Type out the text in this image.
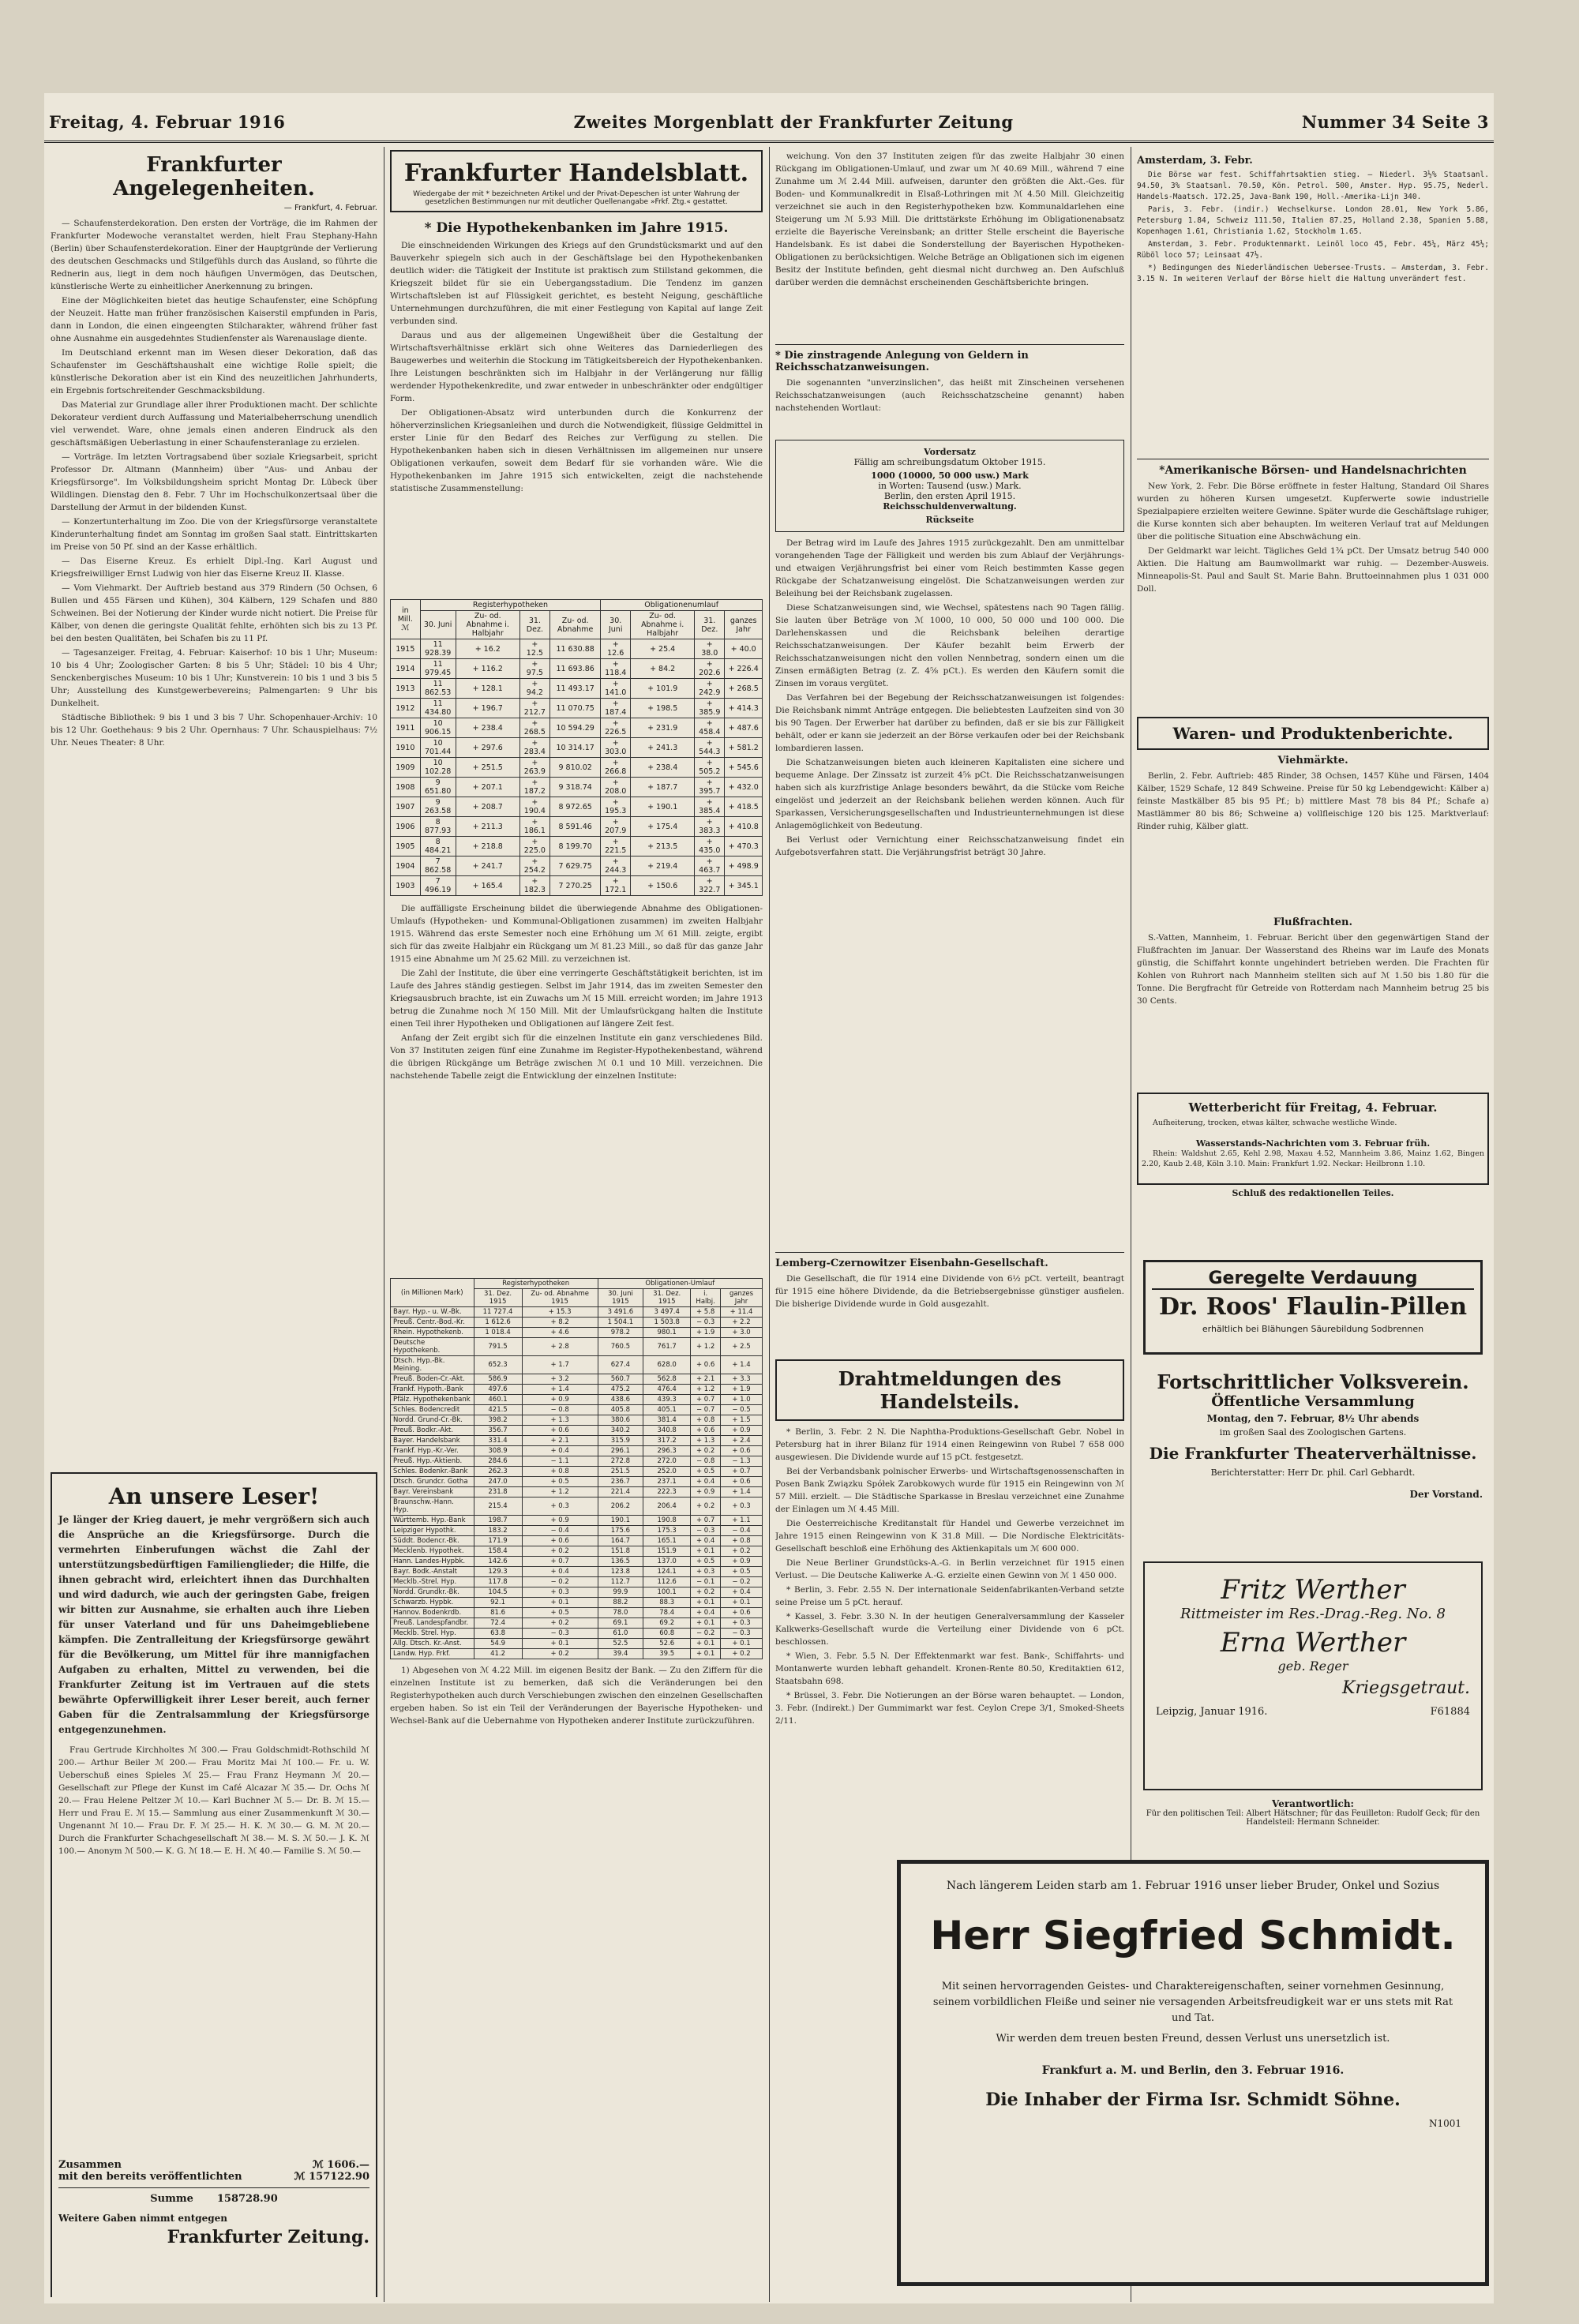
Freitag, 4. Februar 1916	Zweites Morgenblatt der Frankfurter Zeitung	Nummer 34 Seite 3
Frankfurter Angelegenheiten.
— Frankfurt, 4. Februar.

— Schaufensterdekoration. Den ersten der Vorträge, die im Rahmen der Frankfurter Modewoche veranstaltet werden, hielt Frau Stephany-Hahn (Berlin) über Schaufensterdekoration. Einer der Hauptgründe der Verlierung des deutschen Geschmacks und Stilgefühls durch das Ausland, so führte die Rednerin aus, liegt in dem noch häufigen Unvermögen, das Deutschen, künstlerische Werte zu einheitlicher Anerkennung zu bringen.

Eine der Möglichkeiten bietet das heutige Schaufenster, eine Schöpfung der Neuzeit. Hatte man früher französischen Kaiserstil empfunden in Paris, dann in London, die einen eingeengten Stilcharakter, während früher fast ohne Ausnahme ein ausgedehntes Studienfenster als Warenauslage diente.

Im Deutschland erkennt man im Wesen dieser Dekoration, daß das Schaufenster im Geschäftshaushalt eine wichtige Rolle spielt; die künstlerische Dekoration aber ist ein Kind des neuzeitlichen Jahrhunderts, ein Ergebnis fortschreitender Geschmacksbildung.

Das Material zur Grundlage aller ihrer Produktionen macht. Der schlichte Dekorateur verdient durch Auffassung und Materialbeherrschung unendlich viel verwendet. Ware, ohne jemals einen anderen Eindruck als den geschäftsmäßigen Ueberlastung in einer Schaufensteranlage zu erzielen.

— Vorträge. Im letzten Vortragsabend über soziale Kriegsarbeit, spricht Professor Dr. Altmann (Mannheim) über "Aus- und Anbau der Kriegsfürsorge". Im Volksbildungsheim spricht Montag Dr. Lübeck über Wildlingen. Dienstag den 8. Febr. 7 Uhr im Hochschulkonzertsaal über die Darstellung der Armut in der bildenden Kunst.

— Konzertunterhaltung im Zoo. Die von der Kriegsfürsorge veranstaltete Kinderunterhaltung findet am Sonntag im großen Saal statt. Eintrittskarten im Preise von 50 Pf. sind an der Kasse erhältlich.

— Das Eiserne Kreuz. Es erhielt Dipl.-Ing. Karl August und Kriegsfreiwilliger Ernst Ludwig von hier das Eiserne Kreuz II. Klasse.

— Vom Viehmarkt. Der Auftrieb bestand aus 379 Rindern (50 Ochsen, 6 Bullen und 455 Färsen und Kühen), 304 Kälbern, 129 Schafen und 880 Schweinen. Bei der Notierung der Kinder wurde nicht notiert. Die Preise für Kälber, von denen die geringste Qualität fehlte, erhöhten sich bis zu 13 Pf. bei den besten Qualitäten, bei Schafen bis zu 11 Pf.

— Tagesanzeiger. Freitag, 4. Februar: Kaiserhof: 10 bis 1 Uhr; Museum: 10 bis 4 Uhr; Zoologischer Garten: 8 bis 5 Uhr; Städel: 10 bis 4 Uhr; Senckenbergisches Museum: 10 bis 1 Uhr; Kunstverein: 10 bis 1 und 3 bis 5 Uhr; Ausstellung des Kunstgewerbevereins; Palmengarten: 9 Uhr bis Dunkelheit.

Städtische Bibliothek: 9 bis 1 und 3 bis 7 Uhr. Schopenhauer-Archiv: 10 bis 12 Uhr. Goethehaus: 9 bis 2 Uhr. Opernhaus: 7 Uhr. Schauspielhaus: 7½ Uhr. Neues Theater: 8 Uhr.

An unsere Leser!
Je länger der Krieg dauert, je mehr vergrößern sich auch die Ansprüche an die Kriegsfürsorge. Durch die vermehrten Einberufungen wächst die Zahl der unterstützungsbedürftigen Familienglieder; die Hilfe, die ihnen gebracht wird, erleichtert ihnen das Durchhalten und wird dadurch, wie auch der geringsten Gabe, freigen wir bitten zur Ausnahme, sie erhalten auch ihre Lieben für unser Vaterland und für uns Daheimgebliebene kämpfen. Die Zentralleitung der Kriegsfürsorge gewährt für die Bevölkerung, um Mittel für ihre mannigfachen Aufgaben zu erhalten, Mittel zu verwenden, bei die Frankfurter Zeitung ist im Vertrauen auf die stets bewährte Opferwilligkeit ihrer Leser bereit, auch ferner Gaben für die Zentralsammlung der Kriegsfürsorge entgegenzunehmen.

Frau Gertrude Kirchholtes ℳ 300.— Frau Goldschmidt-Rothschild ℳ 200.— Arthur Beiler ℳ 200.— Frau Moritz Mai ℳ 100.— Fr. u. W. Ueberschuß eines Spieles ℳ 25.— Frau Franz Heymann ℳ 20.— Gesellschaft zur Pflege der Kunst im Café Alcazar ℳ 35.— Dr. Ochs ℳ 20.— Frau Helene Peltzer ℳ 10.— Karl Buchner ℳ 5.— Dr. B. ℳ 15.— Herr und Frau E. ℳ 15.— Sammlung aus einer Zusammenkunft ℳ 30.— Ungenannt ℳ 10.— Frau Dr. F. ℳ 25.— H. K. ℳ 30.— G. M. ℳ 20.— Durch die Frankfurter Schachgesellschaft ℳ 38.— M. S. ℳ 50.— J. K. ℳ 100.— Anonym ℳ 500.— K. G. ℳ 18.— E. H. ℳ 40.— Familie S. ℳ 50.—

Zusammen	ℳ 1606.—
mit den bereits veröffentlichten	ℳ 157122.90
Summe 158728.90
Weitere Gaben nimmt entgegen
Frankfurter Zeitung.
Frankfurter Handelsblatt.
Wiedergabe der mit * bezeichneten Artikel und der Privat-Depeschen ist unter Wahrung der gesetzlichen Bestimmungen nur mit deutlicher Quellenangabe »Frkf. Ztg.« gestattet.
* Die Hypothekenbanken im Jahre 1915.

Die einschneidenden Wirkungen des Kriegs auf den Grundstücksmarkt und auf den Bauverkehr spiegeln sich auch in der Geschäftslage bei den Hypothekenbanken deutlich wider: die Tätigkeit der Institute ist praktisch zum Stillstand gekommen, die Kriegszeit bildet für sie ein Uebergangsstadium. Die Tendenz im ganzen Wirtschaftsleben ist auf Flüssigkeit gerichtet, es besteht Neigung, geschäftliche Unternehmungen durchzuführen, die mit einer Festlegung von Kapital auf lange Zeit verbunden sind.

Daraus und aus der allgemeinen Ungewißheit über die Gestaltung der Wirtschaftsverhältnisse erklärt sich ohne Weiteres das Darniederliegen des Baugewerbes und weiterhin die Stockung im Tätigkeitsbereich der Hypothekenbanken. Ihre Leistungen beschränkten sich im Halbjahr in der Verlängerung nur fällig werdender Hypothekenkredite, und zwar entweder in unbeschränkter oder endgültiger Form.

Der Obligationen-Absatz wird unterbunden durch die Konkurrenz der höherverzinslichen Kriegsanleihen und durch die Notwendigkeit, flüssige Geldmittel in erster Linie für den Bedarf des Reiches zur Verfügung zu stellen. Die Hypothekenbanken haben sich in diesen Verhältnissen im allgemeinen nur unsere Obligationen verkaufen, soweit dem Bedarf für sie vorhanden wäre. Wie die Hypothekenbanken im Jahre 1915 sich entwickelten, zeigt die nachstehende statistische Zusammenstellung:

in Mill. ℳ	Registerhypotheken				Obligationenumlauf			
	30. Juni	Zu- od. Abnahme i. Halbjahr	31. Dez.	Zu- od. Abnahme	30. Juni	Zu- od. Abnahme i. Halbjahr	31. Dez.	ganzes Jahr
1915	11 928.39	+ 16.2	+ 12.5	11 630.88	+ 12.6	+ 25.4	+ 38.0	+ 40.0
1914	11 979.45	+ 116.2	+ 97.5	11 693.86	+ 118.4	+ 84.2	+ 202.6	+ 226.4
1913	11 862.53	+ 128.1	+ 94.2	11 493.17	+ 141.0	+ 101.9	+ 242.9	+ 268.5
1912	11 434.80	+ 196.7	+ 212.7	11 070.75	+ 187.4	+ 198.5	+ 385.9	+ 414.3
1911	10 906.15	+ 238.4	+ 268.5	10 594.29	+ 226.5	+ 231.9	+ 458.4	+ 487.6
1910	10 701.44	+ 297.6	+ 283.4	10 314.17	+ 303.0	+ 241.3	+ 544.3	+ 581.2
1909	10 102.28	+ 251.5	+ 263.9	9 810.02	+ 266.8	+ 238.4	+ 505.2	+ 545.6
1908	9 651.80	+ 207.1	+ 187.2	9 318.74	+ 208.0	+ 187.7	+ 395.7	+ 432.0
1907	9 263.58	+ 208.7	+ 190.4	8 972.65	+ 195.3	+ 190.1	+ 385.4	+ 418.5
1906	8 877.93	+ 211.3	+ 186.1	8 591.46	+ 207.9	+ 175.4	+ 383.3	+ 410.8
1905	8 484.21	+ 218.8	+ 225.0	8 199.70	+ 221.5	+ 213.5	+ 435.0	+ 470.3
1904	7 862.58	+ 241.7	+ 254.2	7 629.75	+ 244.3	+ 219.4	+ 463.7	+ 498.9
1903	7 496.19	+ 165.4	+ 182.3	7 270.25	+ 172.1	+ 150.6	+ 322.7	+ 345.1

Die auffälligste Erscheinung bildet die überwiegende Abnahme des Obligationen-Umlaufs (Hypotheken- und Kommunal-Obligationen zusammen) im zweiten Halbjahr 1915. Während das erste Semester noch eine Erhöhung um ℳ 61 Mill. zeigte, ergibt sich für das zweite Halbjahr ein Rückgang um ℳ 81.23 Mill., so daß für das ganze Jahr 1915 eine Abnahme um ℳ 25.62 Mill. zu verzeichnen ist.

Die Zahl der Institute, die über eine verringerte Geschäftstätigkeit berichten, ist im Laufe des Jahres ständig gestiegen. Selbst im Jahr 1914, das im zweiten Semester den Kriegsausbruch brachte, ist ein Zuwachs um ℳ 15 Mill. erreicht worden; im Jahre 1913 betrug die Zunahme noch ℳ 150 Mill. Mit der Umlaufsrückgang halten die Institute einen Teil ihrer Hypotheken und Obligationen auf längere Zeit fest.

Anfang der Zeit ergibt sich für die einzelnen Institute ein ganz verschiedenes Bild. Von 37 Instituten zeigen fünf eine Zunahme im Register-Hypothekenbestand, während die übrigen Rückgänge um Beträge zwischen ℳ 0.1 und 10 Mill. verzeichnen. Die nachstehende Tabelle zeigt die Entwicklung der einzelnen Institute:

(in Millionen Mark)	Registerhypotheken		Obligationen-Umlauf			
	31. Dez. 1915	Zu- od. Abnahme 1915	30. Juni 1915	31. Dez. 1915	i. Halbj.	ganzes Jahr
Bayr. Hyp.- u. W.-Bk.	11 727.4	+ 15.3	3 491.6	3 497.4	+ 5.8	+ 11.4
Preuß. Centr.-Bod.-Kr.	1 612.6	+ 8.2	1 504.1	1 503.8	− 0.3	+ 2.2
Rhein. Hypothekenb.	1 018.4	+ 4.6	978.2	980.1	+ 1.9	+ 3.0
Deutsche Hypothekenb.	791.5	+ 2.8	760.5	761.7	+ 1.2	+ 2.5
Dtsch. Hyp.-Bk. Meining.	652.3	+ 1.7	627.4	628.0	+ 0.6	+ 1.4
Preuß. Boden-Cr.-Akt.	586.9	+ 3.2	560.7	562.8	+ 2.1	+ 3.3
Frankf. Hypoth.-Bank	497.6	+ 1.4	475.2	476.4	+ 1.2	+ 1.9
Pfälz. Hypothekenbank	460.1	+ 0.9	438.6	439.3	+ 0.7	+ 1.0
Schles. Bodencredit	421.5	− 0.8	405.8	405.1	− 0.7	− 0.5
Nordd. Grund-Cr.-Bk.	398.2	+ 1.3	380.6	381.4	+ 0.8	+ 1.5
Preuß. Bodkr.-Akt.	356.7	+ 0.6	340.2	340.8	+ 0.6	+ 0.9
Bayer. Handelsbank	331.4	+ 2.1	315.9	317.2	+ 1.3	+ 2.4
Frankf. Hyp.-Kr.-Ver.	308.9	+ 0.4	296.1	296.3	+ 0.2	+ 0.6
Preuß. Hyp.-Aktienb.	284.6	− 1.1	272.8	272.0	− 0.8	− 1.3
Schles. Bodenkr.-Bank	262.3	+ 0.8	251.5	252.0	+ 0.5	+ 0.7
Dtsch. Grundcr. Gotha	247.0	+ 0.5	236.7	237.1	+ 0.4	+ 0.6
Bayr. Vereinsbank	231.8	+ 1.2	221.4	222.3	+ 0.9	+ 1.4
Braunschw.-Hann. Hyp.	215.4	+ 0.3	206.2	206.4	+ 0.2	+ 0.3
Württemb. Hyp.-Bank	198.7	+ 0.9	190.1	190.8	+ 0.7	+ 1.1
Leipziger Hypothk.	183.2	− 0.4	175.6	175.3	− 0.3	− 0.4
Süddt. Bodencr.-Bk.	171.9	+ 0.6	164.7	165.1	+ 0.4	+ 0.8
Mecklenb. Hypothek.	158.4	+ 0.2	151.8	151.9	+ 0.1	+ 0.2
Hann. Landes-Hypbk.	142.6	+ 0.7	136.5	137.0	+ 0.5	+ 0.9
Bayr. Bodk.-Anstalt	129.3	+ 0.4	123.8	124.1	+ 0.3	+ 0.5
Mecklb.-Strel. Hyp.	117.8	− 0.2	112.7	112.6	− 0.1	− 0.2
Nordd. Grundkr.-Bk.	104.5	+ 0.3	99.9	100.1	+ 0.2	+ 0.4
Schwarzb. Hypbk.	92.1	+ 0.1	88.2	88.3	+ 0.1	+ 0.1
Hannov. Bodenkrdb.	81.6	+ 0.5	78.0	78.4	+ 0.4	+ 0.6
Preuß. Landespfandbr.	72.4	+ 0.2	69.1	69.2	+ 0.1	+ 0.3
Mecklb. Strel. Hyp.	63.8	− 0.3	61.0	60.8	− 0.2	− 0.3
Allg. Dtsch. Kr.-Anst.	54.9	+ 0.1	52.5	52.6	+ 0.1	+ 0.1
Landw. Hyp. Frkf.	41.2	+ 0.2	39.4	39.5	+ 0.1	+ 0.2

1) Abgesehen von ℳ 4.22 Mill. im eigenen Besitz der Bank. — Zu den Ziffern für die einzelnen Institute ist zu bemerken, daß sich die Veränderungen bei den Registerhypotheken auch durch Verschiebungen zwischen den einzelnen Gesellschaften ergeben haben. So ist ein Teil der Veränderungen der Bayerische Hypotheken- und Wechsel-Bank auf die Uebernahme von Hypotheken anderer Institute zurückzuführen.

weichung. Von den 37 Instituten zeigen für das zweite Halbjahr 30 einen Rückgang im Obligationen-Umlauf, und zwar um ℳ 40.69 Mill., während 7 eine Zunahme um ℳ 2.44 Mill. aufweisen, darunter den größten die Akt.-Ges. für Boden- und Kommunalkredit in Elsaß-Lothringen mit ℳ 4.50 Mill. Gleichzeitig verzeichnet sie auch in den Registerhypotheken bzw. Kommunaldarlehen eine Steigerung um ℳ 5.93 Mill. Die drittstärkste Erhöhung im Obligationenabsatz erzielte die Bayerische Vereinsbank; an dritter Stelle erscheint die Bayerische Handelsbank. Es ist dabei die Sonderstellung der Bayerischen Hypotheken-Obligationen zu berücksichtigen. Welche Beträge an Obligationen sich im eigenen Besitz der Institute befinden, geht diesmal nicht durchweg an. Den Aufschluß darüber werden die demnächst erscheinenden Geschäftsberichte bringen.

* Die zinstragende Anlegung von Geldern in Reichsschatzanweisungen.

Die sogenannten "unverzinslichen", das heißt mit Zinscheinen versehenen Reichsschatzanweisungen (auch Reichsschatzscheine genannt) haben nachstehenden Wortlaut:

Vordersatz
Fällig am schreibungsdatum Oktober 1915.
1000 (10000, 50 000 usw.) Mark
in Worten: Tausend (usw.) Mark.
Berlin, den ersten April 1915.
Reichsschuldenverwaltung.
Rückseite

Der Betrag wird im Laufe des Jahres 1915 zurückgezahlt. Den am unmittelbar vorangehenden Tage der Fälligkeit und werden bis zum Ablauf der Verjährungs- und etwaigen Verjährungsfrist bei einer vom Reich bestimmten Kasse gegen Rückgabe der Schatzanweisung eingelöst. Die Schatzanweisungen werden zur Beleihung bei der Reichsbank zugelassen.

Diese Schatzanweisungen sind, wie Wechsel, spätestens nach 90 Tagen fällig. Sie lauten über Beträge von ℳ 1000, 10 000, 50 000 und 100 000. Die Darlehenskassen und die Reichsbank beleihen derartige Reichsschatzanweisungen. Der Käufer bezahlt beim Erwerb der Reichsschatzanweisungen nicht den vollen Nennbetrag, sondern einen um die Zinsen ermäßigten Betrag (z. Z. 4⅝ pCt.). Es werden den Käufern somit die Zinsen im voraus vergütet.

Das Verfahren bei der Begebung der Reichsschatzanweisungen ist folgendes: Die Reichsbank nimmt Anträge entgegen. Die beliebtesten Laufzeiten sind von 30 bis 90 Tagen. Der Erwerber hat darüber zu befinden, daß er sie bis zur Fälligkeit behält, oder er kann sie jederzeit an der Börse verkaufen oder bei der Reichsbank lombardieren lassen.

Die Schatzanweisungen bieten auch kleineren Kapitalisten eine sichere und bequeme Anlage. Der Zinssatz ist zurzeit 4⅝ pCt. Die Reichsschatzanweisungen haben sich als kurzfristige Anlage besonders bewährt, da die Stücke vom Reiche eingelöst und jederzeit an der Reichsbank beliehen werden können. Auch für Sparkassen, Versicherungsgesellschaften und Industrieunternehmungen ist diese Anlagemöglichkeit von Bedeutung.

Bei Verlust oder Vernichtung einer Reichsschatzanweisung findet ein Aufgebotsverfahren statt. Die Verjährungsfrist beträgt 30 Jahre.

Lemberg-Czernowitzer Eisenbahn-Gesellschaft.

Die Gesellschaft, die für 1914 eine Dividende von 6½ pCt. verteilt, beantragt für 1915 eine höhere Dividende, da die Betriebsergebnisse günstiger ausfielen. Die bisherige Dividende wurde in Gold ausgezahlt.

Drahtmeldungen des Handelsteils.

* Berlin, 3. Febr. 2 N. Die Naphtha-Produktions-Gesellschaft Gebr. Nobel in Petersburg hat in ihrer Bilanz für 1914 einen Reingewinn von Rubel 7 658 000 ausgewiesen. Die Dividende wurde auf 15 pCt. festgesetzt.

Bei der Verbandsbank polnischer Erwerbs- und Wirtschaftsgenossenschaften in Posen Bank Związku Spółek Zarobkowych wurde für 1915 ein Reingewinn von ℳ 57 Mill. erzielt. — Die Städtische Sparkasse in Breslau verzeichnet eine Zunahme der Einlagen um ℳ 4.45 Mill.

Die Oesterreichische Kreditanstalt für Handel und Gewerbe verzeichnet im Jahre 1915 einen Reingewinn von K 31.8 Mill. — Die Nordische Elektricitäts-Gesellschaft beschloß eine Erhöhung des Aktienkapitals um ℳ 600 000.

Die Neue Berliner Grundstücks-A.-G. in Berlin verzeichnet für 1915 einen Verlust. — Die Deutsche Kaliwerke A.-G. erzielte einen Gewinn von ℳ 1 450 000.

* Berlin, 3. Febr. 2.55 N. Der internationale Seidenfabrikanten-Verband setzte seine Preise um 5 pCt. herauf.

* Kassel, 3. Febr. 3.30 N. In der heutigen Generalversammlung der Kasseler Kalkwerks-Gesellschaft wurde die Verteilung einer Dividende von 6 pCt. beschlossen.

* Wien, 3. Febr. 5.5 N. Der Effektenmarkt war fest. Bank-, Schiffahrts- und Montanwerte wurden lebhaft gehandelt. Kronen-Rente 80.50, Kreditaktien 612, Staatsbahn 698.

* Brüssel, 3. Febr. Die Notierungen an der Börse waren behauptet. — London, 3. Febr. (Indirekt.) Der Gummimarkt war fest. Ceylon Crepe 3/1, Smoked-Sheets 2/11.

Amsterdam, 3. Febr.

Die Börse war fest. Schiffahrtsaktien stieg. — Niederl. 3½% Staatsanl. 94.50, 3% Staatsanl. 70.50, Kön. Petrol. 500, Amster. Hyp. 95.75, Nederl. Handels-Maatsch. 172.25, Java-Bank 190, Holl.-Amerika-Lijn 340.

Paris, 3. Febr. (indir.) Wechselkurse. London 28.01, New York 5.86, Petersburg 1.84, Schweiz 111.50, Italien 87.25, Holland 2.38, Spanien 5.88, Kopenhagen 1.61, Christiania 1.62, Stockholm 1.65.

Amsterdam, 3. Febr. Produktenmarkt. Leinöl loco 45, Febr. 45¼, März 45½; Rüböl loco 57; Leinsaat 47½.

*) Bedingungen des Niederländischen Uebersee-Trusts. — Amsterdam, 3. Febr. 3.15 N. Im weiteren Verlauf der Börse hielt die Haltung unverändert fest.

*Amerikanische Börsen- und Handelsnachrichten

New York, 2. Febr. Die Börse eröffnete in fester Haltung, Standard Oil Shares wurden zu höheren Kursen umgesetzt. Kupferwerte sowie industrielle Spezialpapiere erzielten weitere Gewinne. Später wurde die Geschäftslage ruhiger, die Kurse konnten sich aber behaupten. Im weiteren Verlauf trat auf Meldungen über die politische Situation eine Abschwächung ein.

Der Geldmarkt war leicht. Tägliches Geld 1¾ pCt. Der Umsatz betrug 540 000 Aktien. Die Haltung am Baumwollmarkt war ruhig. — Dezember-Ausweis. Minneapolis-St. Paul and Sault St. Marie Bahn. Bruttoeinnahmen plus 1 031 000 Doll.

Waren- und Produktenberichte.
Viehmärkte.

Berlin, 2. Febr. Auftrieb: 485 Rinder, 38 Ochsen, 1457 Kühe und Färsen, 1404 Kälber, 1529 Schafe, 12 849 Schweine. Preise für 50 kg Lebendgewicht: Kälber a) feinste Mastkälber 85 bis 95 Pf.; b) mittlere Mast 78 bis 84 Pf.; Schafe a) Mastlämmer 80 bis 86; Schweine a) vollfleischige 120 bis 125. Marktverlauf: Rinder ruhig, Kälber glatt.

Flußfrachten.

S.-Vatten, Mannheim, 1. Februar. Bericht über den gegenwärtigen Stand der Flußfrachten im Januar. Der Wasserstand des Rheins war im Laufe des Monats günstig, die Schiffahrt konnte ungehindert betrieben werden. Die Frachten für Kohlen von Ruhrort nach Mannheim stellten sich auf ℳ 1.50 bis 1.80 für die Tonne. Die Bergfracht für Getreide von Rotterdam nach Mannheim betrug 25 bis 30 Cents.

Wetterbericht für Freitag, 4. Februar.

Aufheiterung, trocken, etwas kälter, schwache westliche Winde.

Wasserstands-Nachrichten vom 3. Februar früh.

Rhein: Waldshut 2.65, Kehl 2.98, Maxau 4.52, Mannheim 3.86, Mainz 1.62, Bingen 2.20, Kaub 2.48, Köln 3.10. Main: Frankfurt 1.92. Neckar: Heilbronn 1.10.

Schluß des redaktionellen Teiles.
Geregelte Verdauung
Dr. Roos' Flaulin-Pillen
erhältlich bei Blähungen Säurebildung Sodbrennen
Fortschrittlicher Volksverein.
Öffentliche Versammlung
Montag, den 7. Februar, 8½ Uhr abends
im großen Saal des Zoologischen Gartens.
Die Frankfurter Theaterverhältnisse.
Berichterstatter: Herr Dr. phil. Carl Gebhardt.
Der Vorstand.
Fritz Werther
Rittmeister im Res.-Drag.-Reg. No. 8
Erna Werther
geb. Reger
Kriegsgetraut.
Leipzig, Januar 1916.	F61884
Verantwortlich:
Für den politischen Teil: Albert Hätschner; für das Feuilleton: Rudolf Geck; für den Handelsteil: Hermann Schneider.
Nach längerem Leiden starb am 1. Februar 1916 unser lieber Bruder, Onkel und Sozius
Herr Siegfried Schmidt.
Mit seinen hervorragenden Geistes- und Charaktereigenschaften, seiner vornehmen Gesinnung, seinem vorbildlichen Fleiße und seiner nie versagenden Arbeitsfreudigkeit war er uns stets mit Rat und Tat.
Wir werden dem treuen besten Freund, dessen Verlust uns unersetzlich ist.
Frankfurt a. M. und Berlin, den 3. Februar 1916.
Die Inhaber der Firma Isr. Schmidt Söhne.
N1001
